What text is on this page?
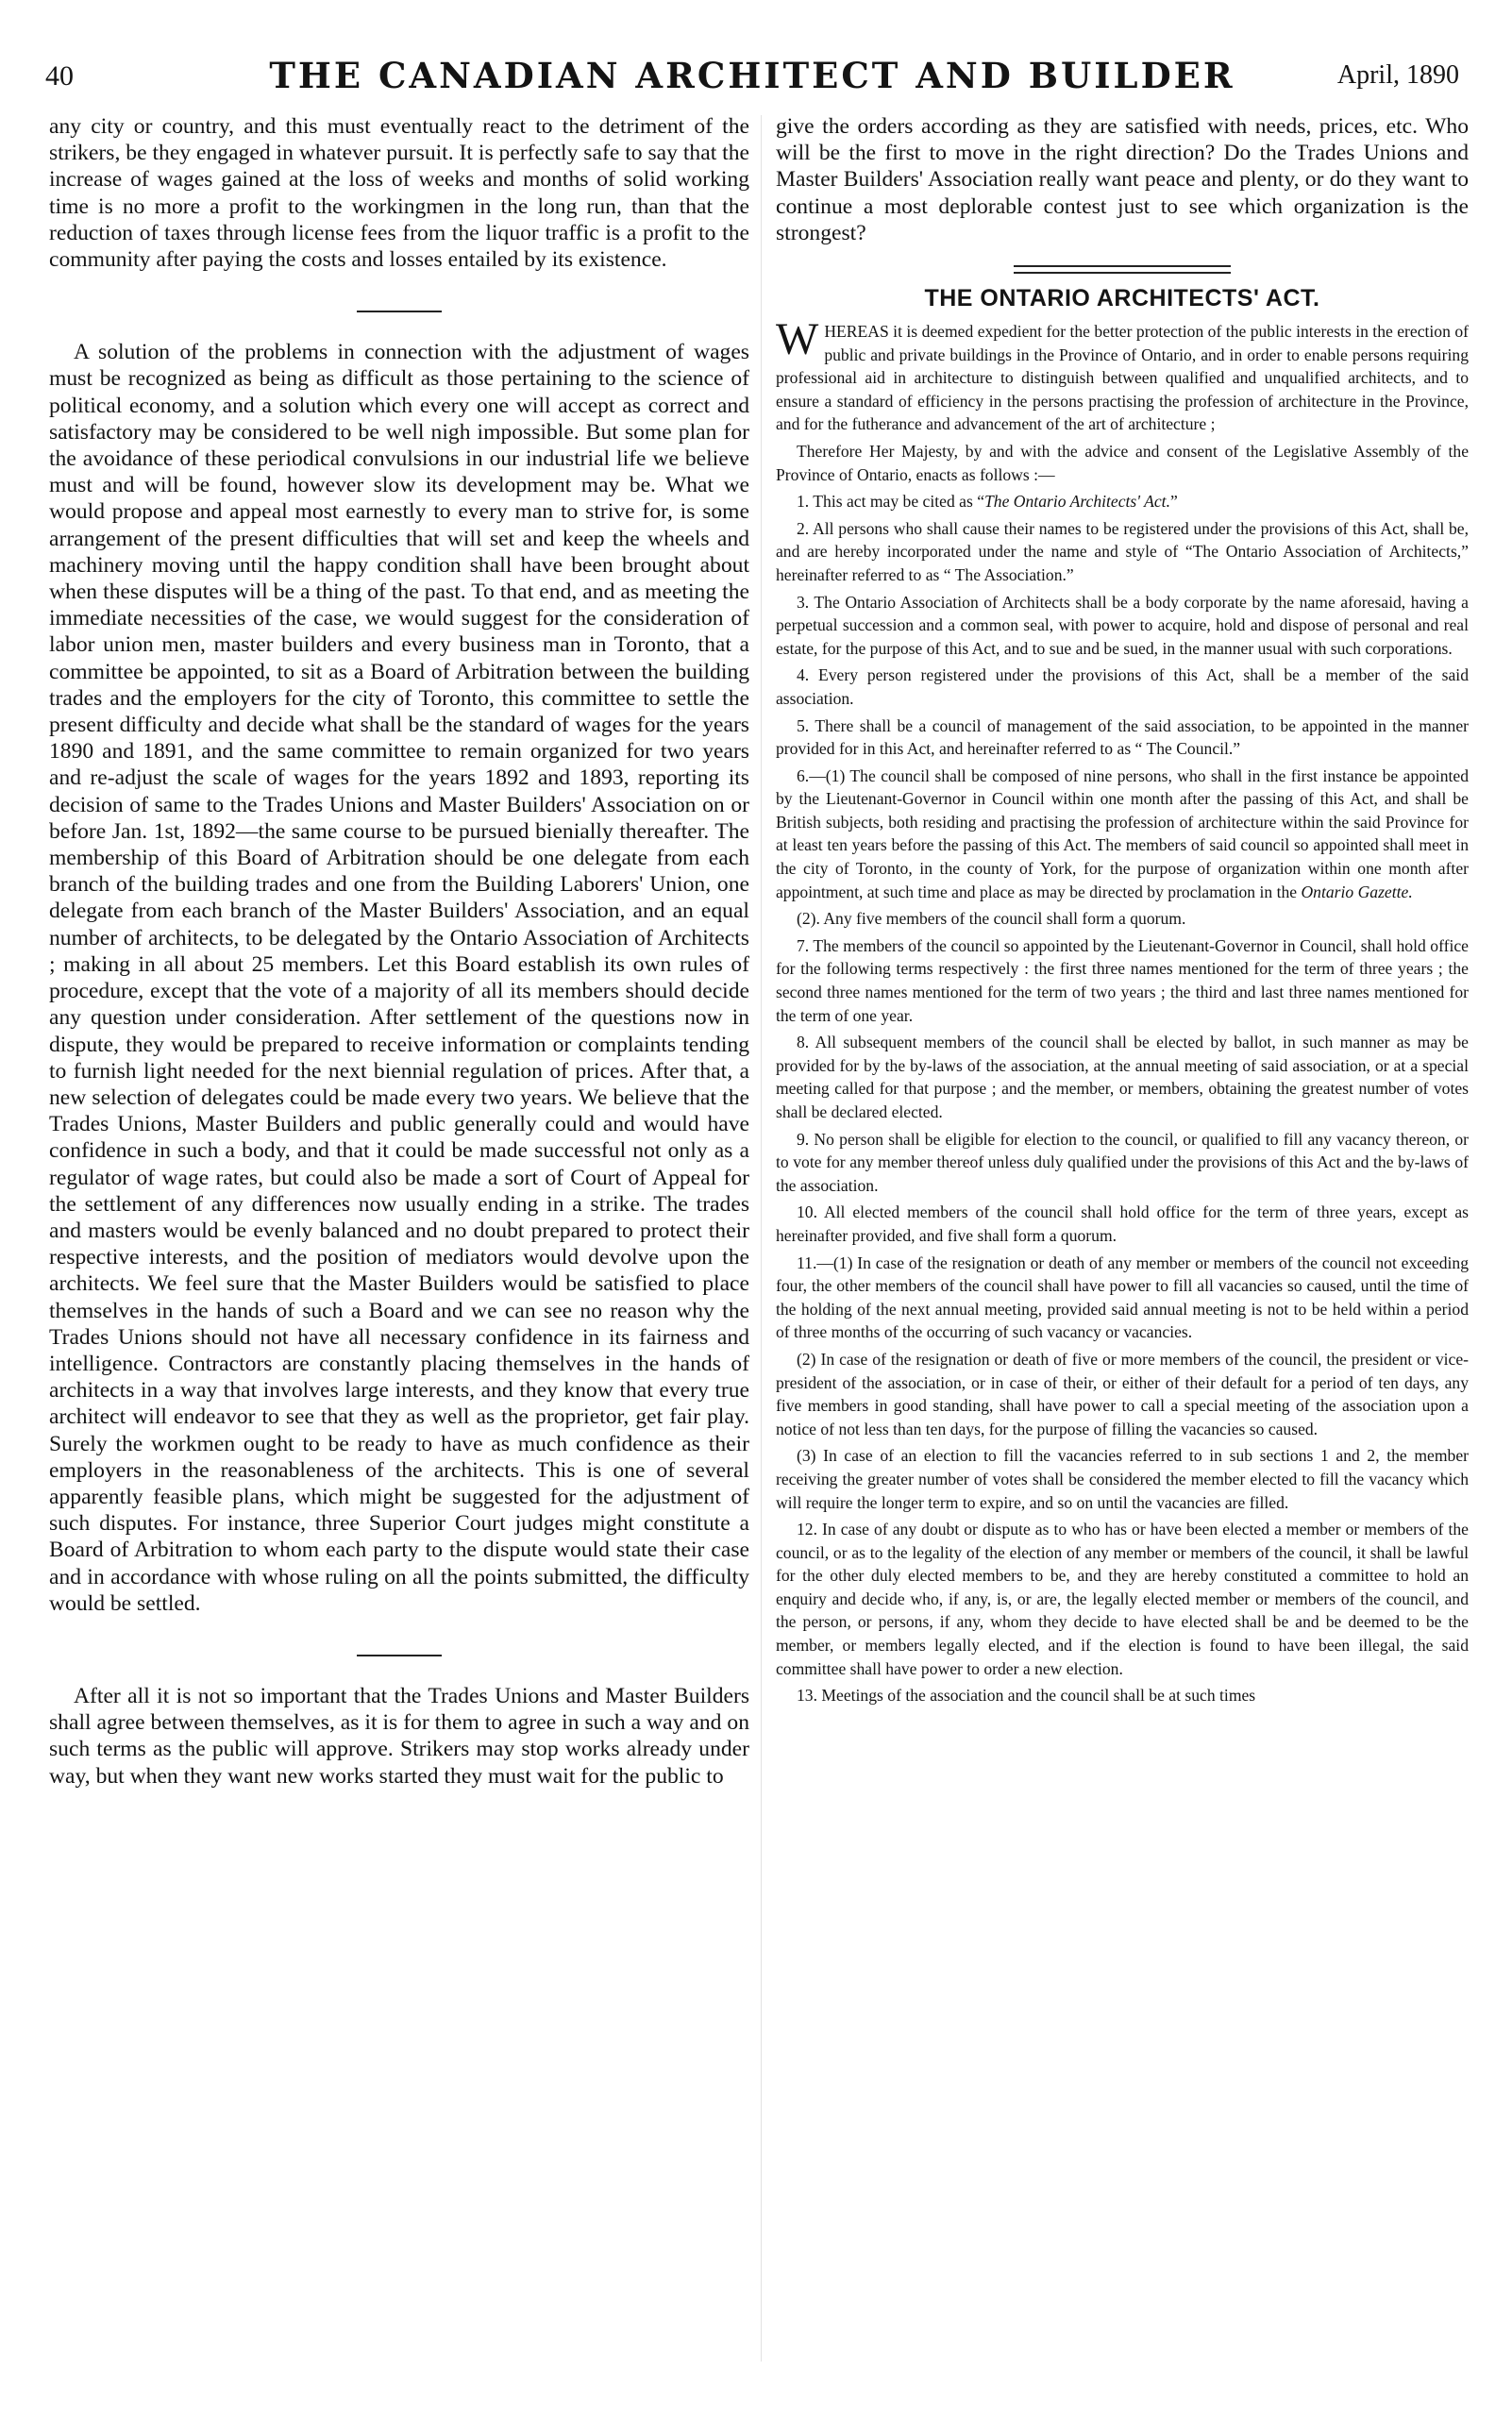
40	THE CANADIAN ARCHITECT AND BUILDER	April, 1890

any city or country, and this must eventually react to the detriment of the strikers, be they engaged in whatever pursuit. It is perfectly safe to say that the increase of wages gained at the loss of weeks and months of solid working time is no more a profit to the workingmen in the long run, than that the reduction of taxes through license fees from the liquor traffic is a profit to the community after paying the costs and losses entailed by its existence.

A solution of the problems in connection with the adjustment of wages must be recognized as being as difficult as those pertaining to the science of political economy, and a solution which every one will accept as correct and satisfactory may be considered to be well nigh impossible. But some plan for the avoidance of these periodical convulsions in our industrial life we believe must and will be found, however slow its development may be. What we would propose and appeal most earnestly to every man to strive for, is some arrangement of the present difficulties that will set and keep the wheels and machinery moving until the happy condition shall have been brought about when these disputes will be a thing of the past. To that end, and as meeting the immediate necessities of the case, we would suggest for the consideration of labor union men, master builders and every business man in Toronto, that a committee be appointed, to sit as a Board of Arbitration between the building trades and the employers for the city of Toronto, this committee to settle the present difficulty and decide what shall be the standard of wages for the years 1890 and 1891, and the same committee to remain organized for two years and re-adjust the scale of wages for the years 1892 and 1893, reporting its decision of same to the Trades Unions and Master Builders' Association on or before Jan. 1st, 1892—the same course to be pursued bienially thereafter. The membership of this Board of Arbitration should be one delegate from each branch of the building trades and one from the Building Laborers' Union, one delegate from each branch of the Master Builders' Association, and an equal number of architects, to be delegated by the Ontario Association of Architects ; making in all about 25 members. Let this Board establish its own rules of procedure, except that the vote of a majority of all its members should decide any question under consideration. After settlement of the questions now in dispute, they would be prepared to receive information or complaints tending to furnish light needed for the next biennial regulation of prices. After that, a new selection of delegates could be made every two years. We believe that the Trades Unions, Master Builders and public generally could and would have confidence in such a body, and that it could be made successful not only as a regulator of wage rates, but could also be made a sort of Court of Appeal for the settlement of any differences now usually ending in a strike. The trades and masters would be evenly balanced and no doubt prepared to protect their respective interests, and the position of mediators would devolve upon the architects. We feel sure that the Master Builders would be satisfied to place themselves in the hands of such a Board and we can see no reason why the Trades Unions should not have all necessary confidence in its fairness and intelligence. Contractors are constantly placing themselves in the hands of architects in a way that involves large interests, and they know that every true architect will endeavor to see that they as well as the proprietor, get fair play. Surely the workmen ought to be ready to have as much confidence as their employers in the reasonableness of the architects. This is one of several apparently feasible plans, which might be suggested for the adjustment of such disputes. For instance, three Superior Court judges might constitute a Board of Arbitration to whom each party to the dispute would state their case and in accordance with whose ruling on all the points submitted, the difficulty would be settled.

After all it is not so important that the Trades Unions and Master Builders shall agree between themselves, as it is for them to agree in such a way and on such terms as the public will approve. Strikers may stop works already under way, but when they want new works started they must wait for the public to

give the orders according as they are satisfied with needs, prices, etc. Who will be the first to move in the right direction? Do the Trades Unions and Master Builders' Association really want peace and plenty, or do they want to continue a most deplorable contest just to see which organization is the strongest?

THE ONTARIO ARCHITECTS' ACT.

WHEREAS it is deemed expedient for the better protection of the public interests in the erection of public and private buildings in the Province of Ontario, and in order to enable persons requiring professional aid in architecture to distinguish between qualified and unqualified architects, and to ensure a standard of efficiency in the persons practising the profession of architecture in the Province, and for the futherance and advancement of the art of architecture ;

Therefore Her Majesty, by and with the advice and consent of the Legislative Assembly of the Province of Ontario, enacts as follows :—

1. This act may be cited as “The Ontario Architects' Act.”

2. All persons who shall cause their names to be registered under the provisions of this Act, shall be, and are hereby incorporated under the name and style of “The Ontario Association of Architects,” hereinafter referred to as “ The Association.”

3. The Ontario Association of Architects shall be a body corporate by the name aforesaid, having a perpetual succession and a common seal, with power to acquire, hold and dispose of personal and real estate, for the purpose of this Act, and to sue and be sued, in the manner usual with such corporations.

4. Every person registered under the provisions of this Act, shall be a member of the said association.

5. There shall be a council of management of the said association, to be appointed in the manner provided for in this Act, and hereinafter referred to as “ The Council.”

6.—(1) The council shall be composed of nine persons, who shall in the first instance be appointed by the Lieutenant-Governor in Council within one month after the passing of this Act, and shall be British subjects, both residing and practising the profession of architecture within the said Province for at least ten years before the passing of this Act. The members of said council so appointed shall meet in the city of Toronto, in the county of York, for the purpose of organization within one month after appointment, at such time and place as may be directed by proclamation in the Ontario Gazette.

(2). Any five members of the council shall form a quorum.

7. The members of the council so appointed by the Lieutenant-Governor in Council, shall hold office for the following terms respectively : the first three names mentioned for the term of three years ; the second three names mentioned for the term of two years ; the third and last three names mentioned for the term of one year.

8. All subsequent members of the council shall be elected by ballot, in such manner as may be provided for by the by-laws of the association, at the annual meeting of said association, or at a special meeting called for that purpose ; and the member, or members, obtaining the greatest number of votes shall be declared elected.

9. No person shall be eligible for election to the council, or qualified to fill any vacancy thereon, or to vote for any member thereof unless duly qualified under the provisions of this Act and the by-laws of the association.

10. All elected members of the council shall hold office for the term of three years, except as hereinafter provided, and five shall form a quorum.

11.—(1) In case of the resignation or death of any member or members of the council not exceeding four, the other members of the council shall have power to fill all vacancies so caused, until the time of the holding of the next annual meeting, provided said annual meeting is not to be held within a period of three months of the occurring of such vacancy or vacancies.

(2) In case of the resignation or death of five or more members of the council, the president or vice-president of the association, or in case of their, or either of their default for a period of ten days, any five members in good standing, shall have power to call a special meeting of the association upon a notice of not less than ten days, for the purpose of filling the vacancies so caused.

(3) In case of an election to fill the vacancies referred to in sub sections 1 and 2, the member receiving the greater number of votes shall be considered the member elected to fill the vacancy which will require the longer term to expire, and so on until the vacancies are filled.

12. In case of any doubt or dispute as to who has or have been elected a member or members of the council, or as to the legality of the election of any member or members of the council, it shall be lawful for the other duly elected members to be, and they are hereby constituted a committee to hold an enquiry and decide who, if any, is, or are, the legally elected member or members of the council, and the person, or persons, if any, whom they decide to have elected shall be and be deemed to be the member, or members legally elected, and if the election is found to have been illegal, the said committee shall have power to order a new election.

13. Meetings of the association and the council shall be at such times
